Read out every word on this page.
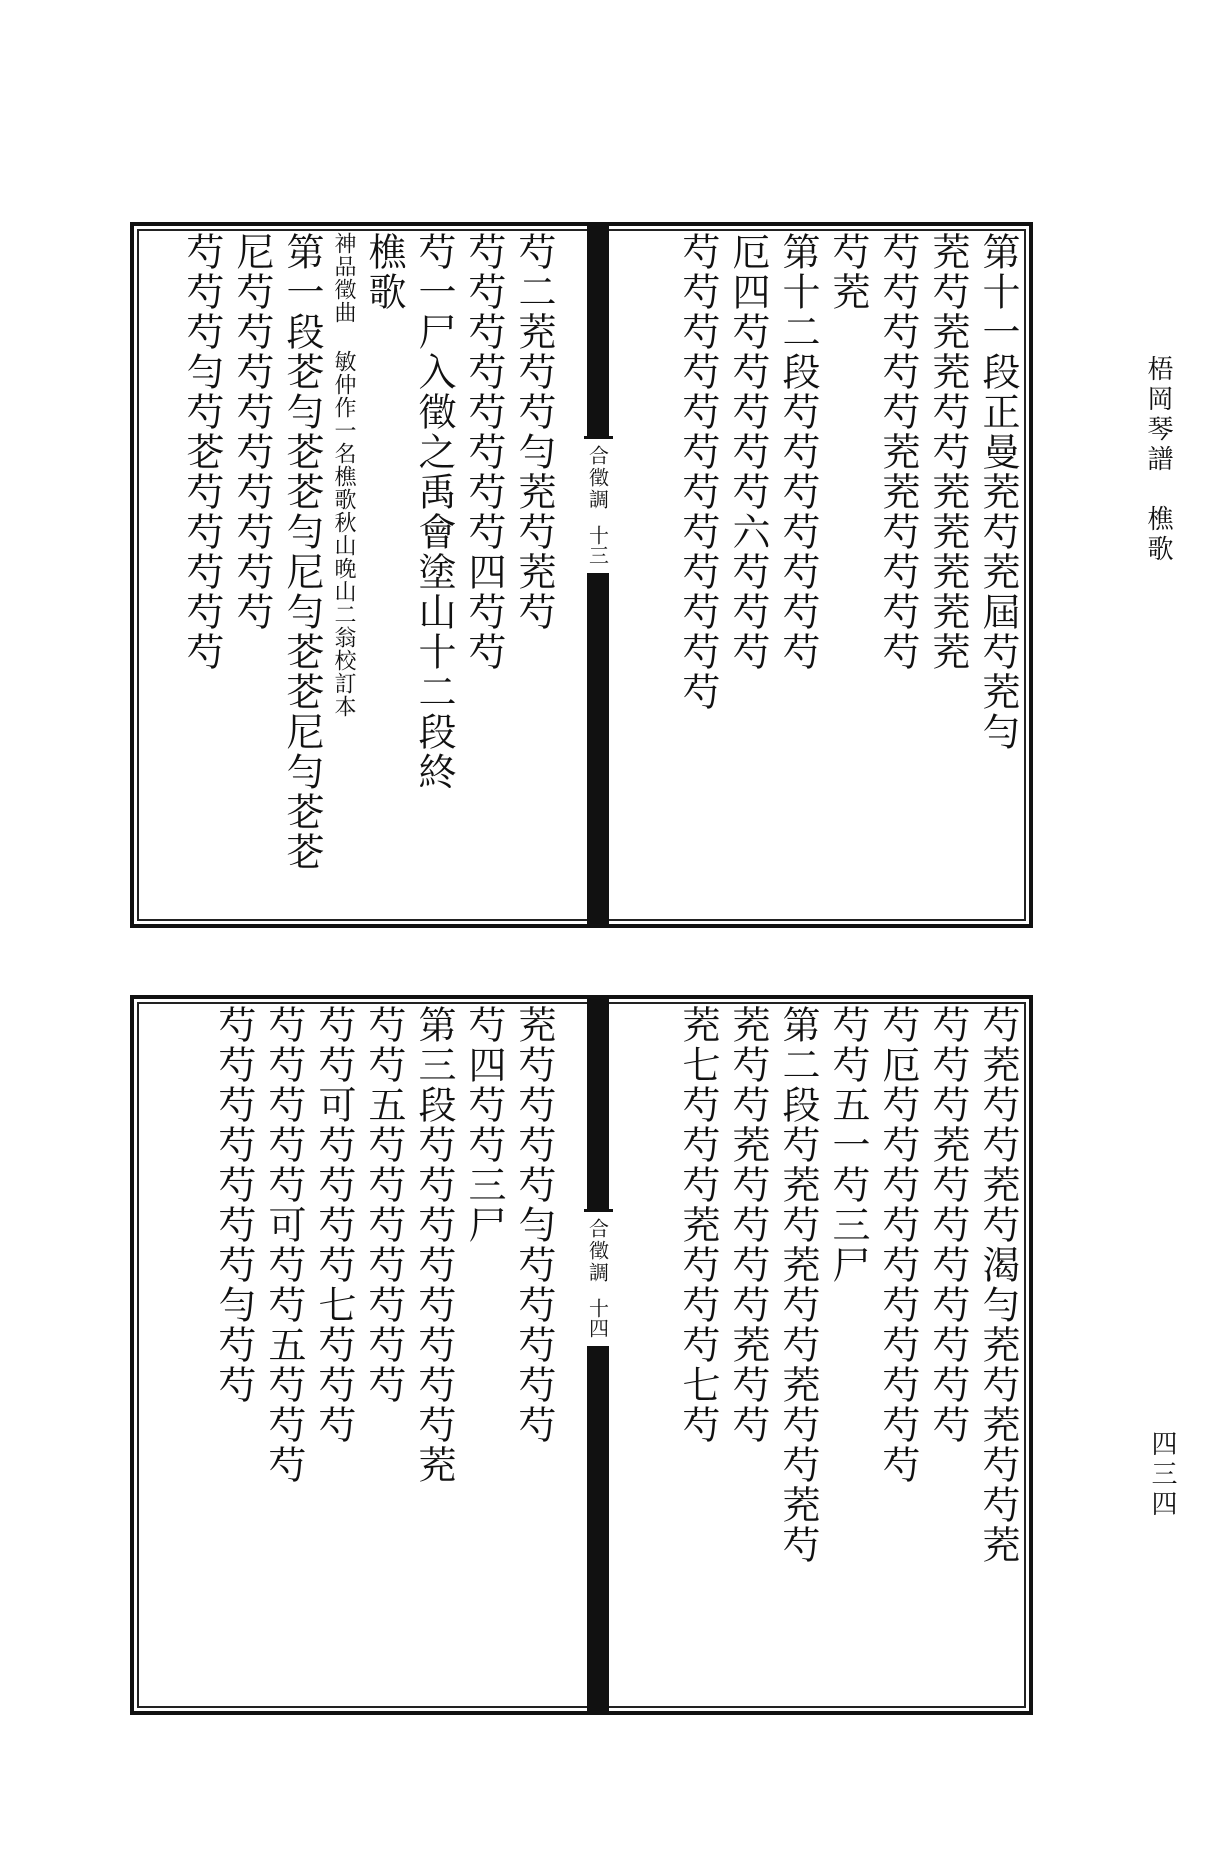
第十一段正曼茺芍茺屆芍茺勻
茺芍茺茺芍芍茺茺茺茺茺
芍芍芍芍芍茺茺芍芍芍芍
芍茺
第十二段芍芍芍芍芍芍芍
厄四芍芍芍芍芍六芍芍芍
芍芍芍芍芍芍芍芍芍芍芍芍
合徵調
十三
芍二茺芍芍勻茺芍茺芍
芍芍芍芍芍芍芍芍四芍芍
芍一尸入徵之禹會塗山十二段終
樵歌
神品徵曲 敏仲作一名樵歌秋山晚山二翁校訂本
第一段芲勻芲芲勻尼勻芲芲尼勻芲芲
尼芍芍芍芍芍芍芍芍芍
芍芍芍勻芍芲芍芍芍芍芍
芍茺芍芍茺芍渴勻茺芍茺芍芍茺
芍芍芍茺芍芍芍芍芍芍芍
芍厄芍芍芍芍芍芍芍芍芍芍
芍芍五一芍三尸
第二段芍茺芍茺芍芍茺芍芍茺芍
茺芍芍茺芍芍芍芍茺芍芍
茺七芍芍芍茺芍芍芍七芍
合徵調
十四
茺芍芍芍芍勻芍芍芍芍芍
芍四芍芍三尸
第三段芍芍芍芍芍芍芍芍茺
芍芍五芍芍芍芍芍芍芍
芍芍可芍芍芍芍七芍芍芍
芍芍芍芍芍可芍芍五芍芍芍
芍芍芍芍芍芍芍勻芍芍
梧岡琴譜　樵歌
四三四
